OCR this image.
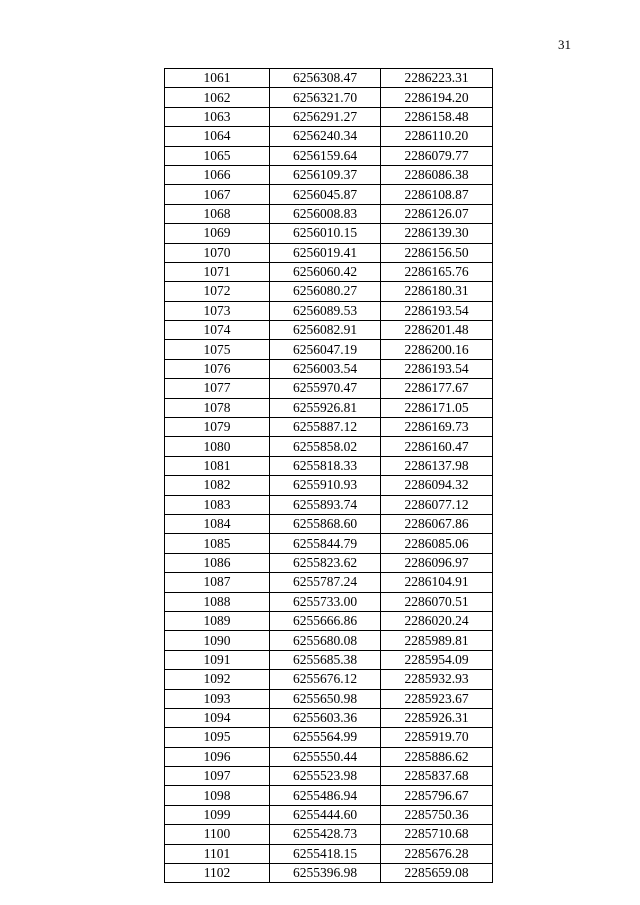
31
1061	6256308.47	2286223.31
1062	6256321.70	2286194.20
1063	6256291.27	2286158.48
1064	6256240.34	2286110.20
1065	6256159.64	2286079.77
1066	6256109.37	2286086.38
1067	6256045.87	2286108.87
1068	6256008.83	2286126.07
1069	6256010.15	2286139.30
1070	6256019.41	2286156.50
1071	6256060.42	2286165.76
1072	6256080.27	2286180.31
1073	6256089.53	2286193.54
1074	6256082.91	2286201.48
1075	6256047.19	2286200.16
1076	6256003.54	2286193.54
1077	6255970.47	2286177.67
1078	6255926.81	2286171.05
1079	6255887.12	2286169.73
1080	6255858.02	2286160.47
1081	6255818.33	2286137.98
1082	6255910.93	2286094.32
1083	6255893.74	2286077.12
1084	6255868.60	2286067.86
1085	6255844.79	2286085.06
1086	6255823.62	2286096.97
1087	6255787.24	2286104.91
1088	6255733.00	2286070.51
1089	6255666.86	2286020.24
1090	6255680.08	2285989.81
1091	6255685.38	2285954.09
1092	6255676.12	2285932.93
1093	6255650.98	2285923.67
1094	6255603.36	2285926.31
1095	6255564.99	2285919.70
1096	6255550.44	2285886.62
1097	6255523.98	2285837.68
1098	6255486.94	2285796.67
1099	6255444.60	2285750.36
1100	6255428.73	2285710.68
1101	6255418.15	2285676.28
1102	6255396.98	2285659.08
